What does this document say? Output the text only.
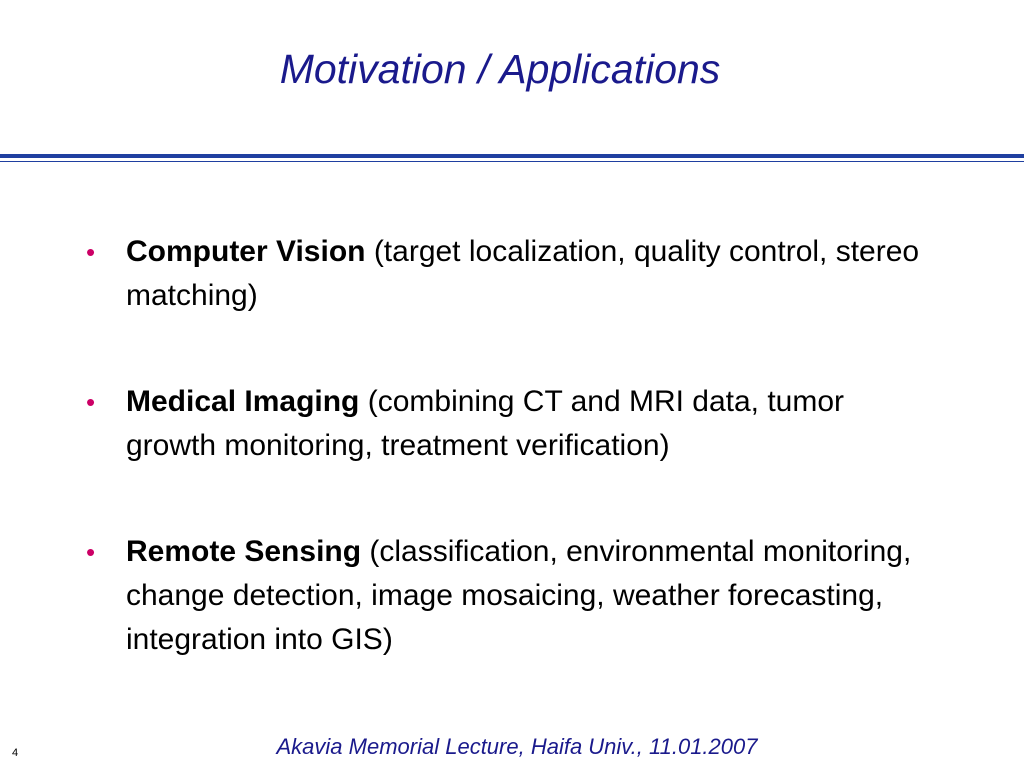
Motivation / Applications
• Computer Vision (target localization, quality control, stereo matching)
• Medical Imaging (combining CT and MRI data, tumor growth monitoring, treatment verification)
• Remote Sensing (classification, environmental monitoring, change detection, image mosaicing, weather forecasting, integration into GIS)
4	Akavia Memorial Lecture, Haifa Univ., 11.01.2007
